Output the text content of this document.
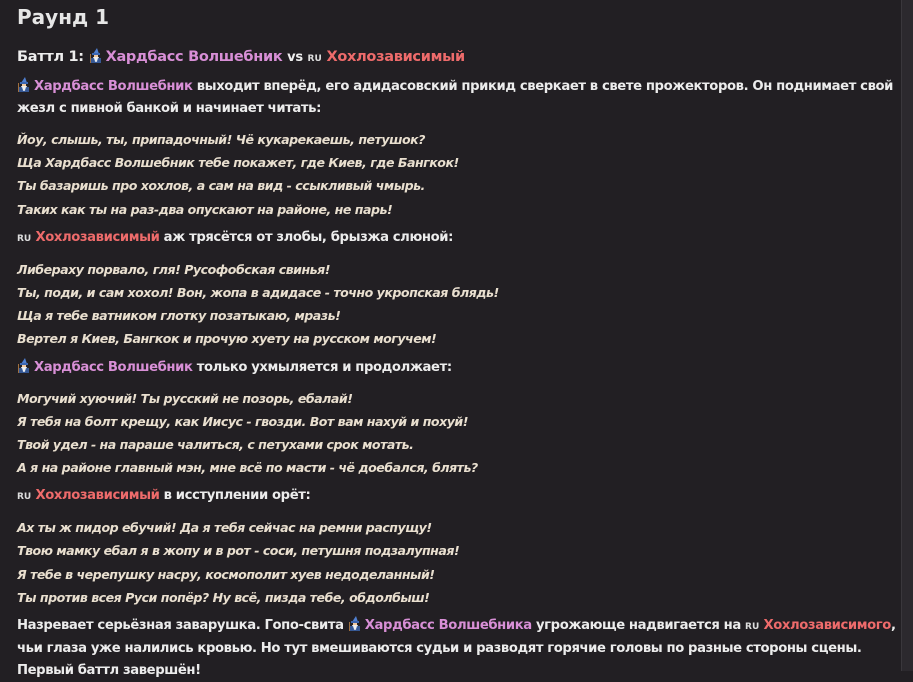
Раунд 1
Баттл 1: Хардбасс Волшебник vs RU Хохлозависимый
Хардбасс Волшебник выходит вперёд, его адидасовский прикид сверкает в свете прожекторов. Он поднимает свой жезл с пивной банкой и начинает читать:
Йоу, слышь, ты, припадочный! Чё кукарекаешь, петушок?
Ща Хардбасс Волшебник тебе покажет, где Киев, где Бангкок!
Ты базаришь про хохлов, а сам на вид - ссыкливый чмырь.
Таких как ты на раз-два опускают на районе, не парь!
RU Хохлозависимый аж трясётся от злобы, брызжа слюной:
Либераху порвало, гля! Русофобская свинья!
Ты, поди, и сам хохол! Вон, жопа в адидасе - точно укропская блядь!
Ща я тебе ватником глотку позатыкаю, мразь!
Вертел я Киев, Бангкок и прочую хуету на русском могучем!
Хардбасс Волшебник только ухмыляется и продолжает:
Могучий хуючий! Ты русский не позорь, ебалай!
Я тебя на болт крещу, как Иисус - гвозди. Вот вам нахуй и похуй!
Твой удел - на параше чалиться, с петухами срок мотать.
А я на районе главный мэн, мне всё по масти - чё доебался, блять?
RU Хохлозависимый в исступлении орёт:
Ах ты ж пидор ебучий! Да я тебя сейчас на ремни распущу!
Твою мамку ебал я в жопу и в рот - соси, петушня подзалупная!
Я тебе в черепушку насру, космополит хуев недоделанный!
Ты против всея Руси попёр? Ну всё, пизда тебе, обдолбыш!
Назревает серьёзная заварушка. Гопо-свита Хардбасс Волшебника угрожающе надвигается на RU Хохлозависимого, чьи глаза уже налились кровью. Но тут вмешиваются судьи и разводят горячие головы по разные стороны сцены. Первый баттл завершён!
